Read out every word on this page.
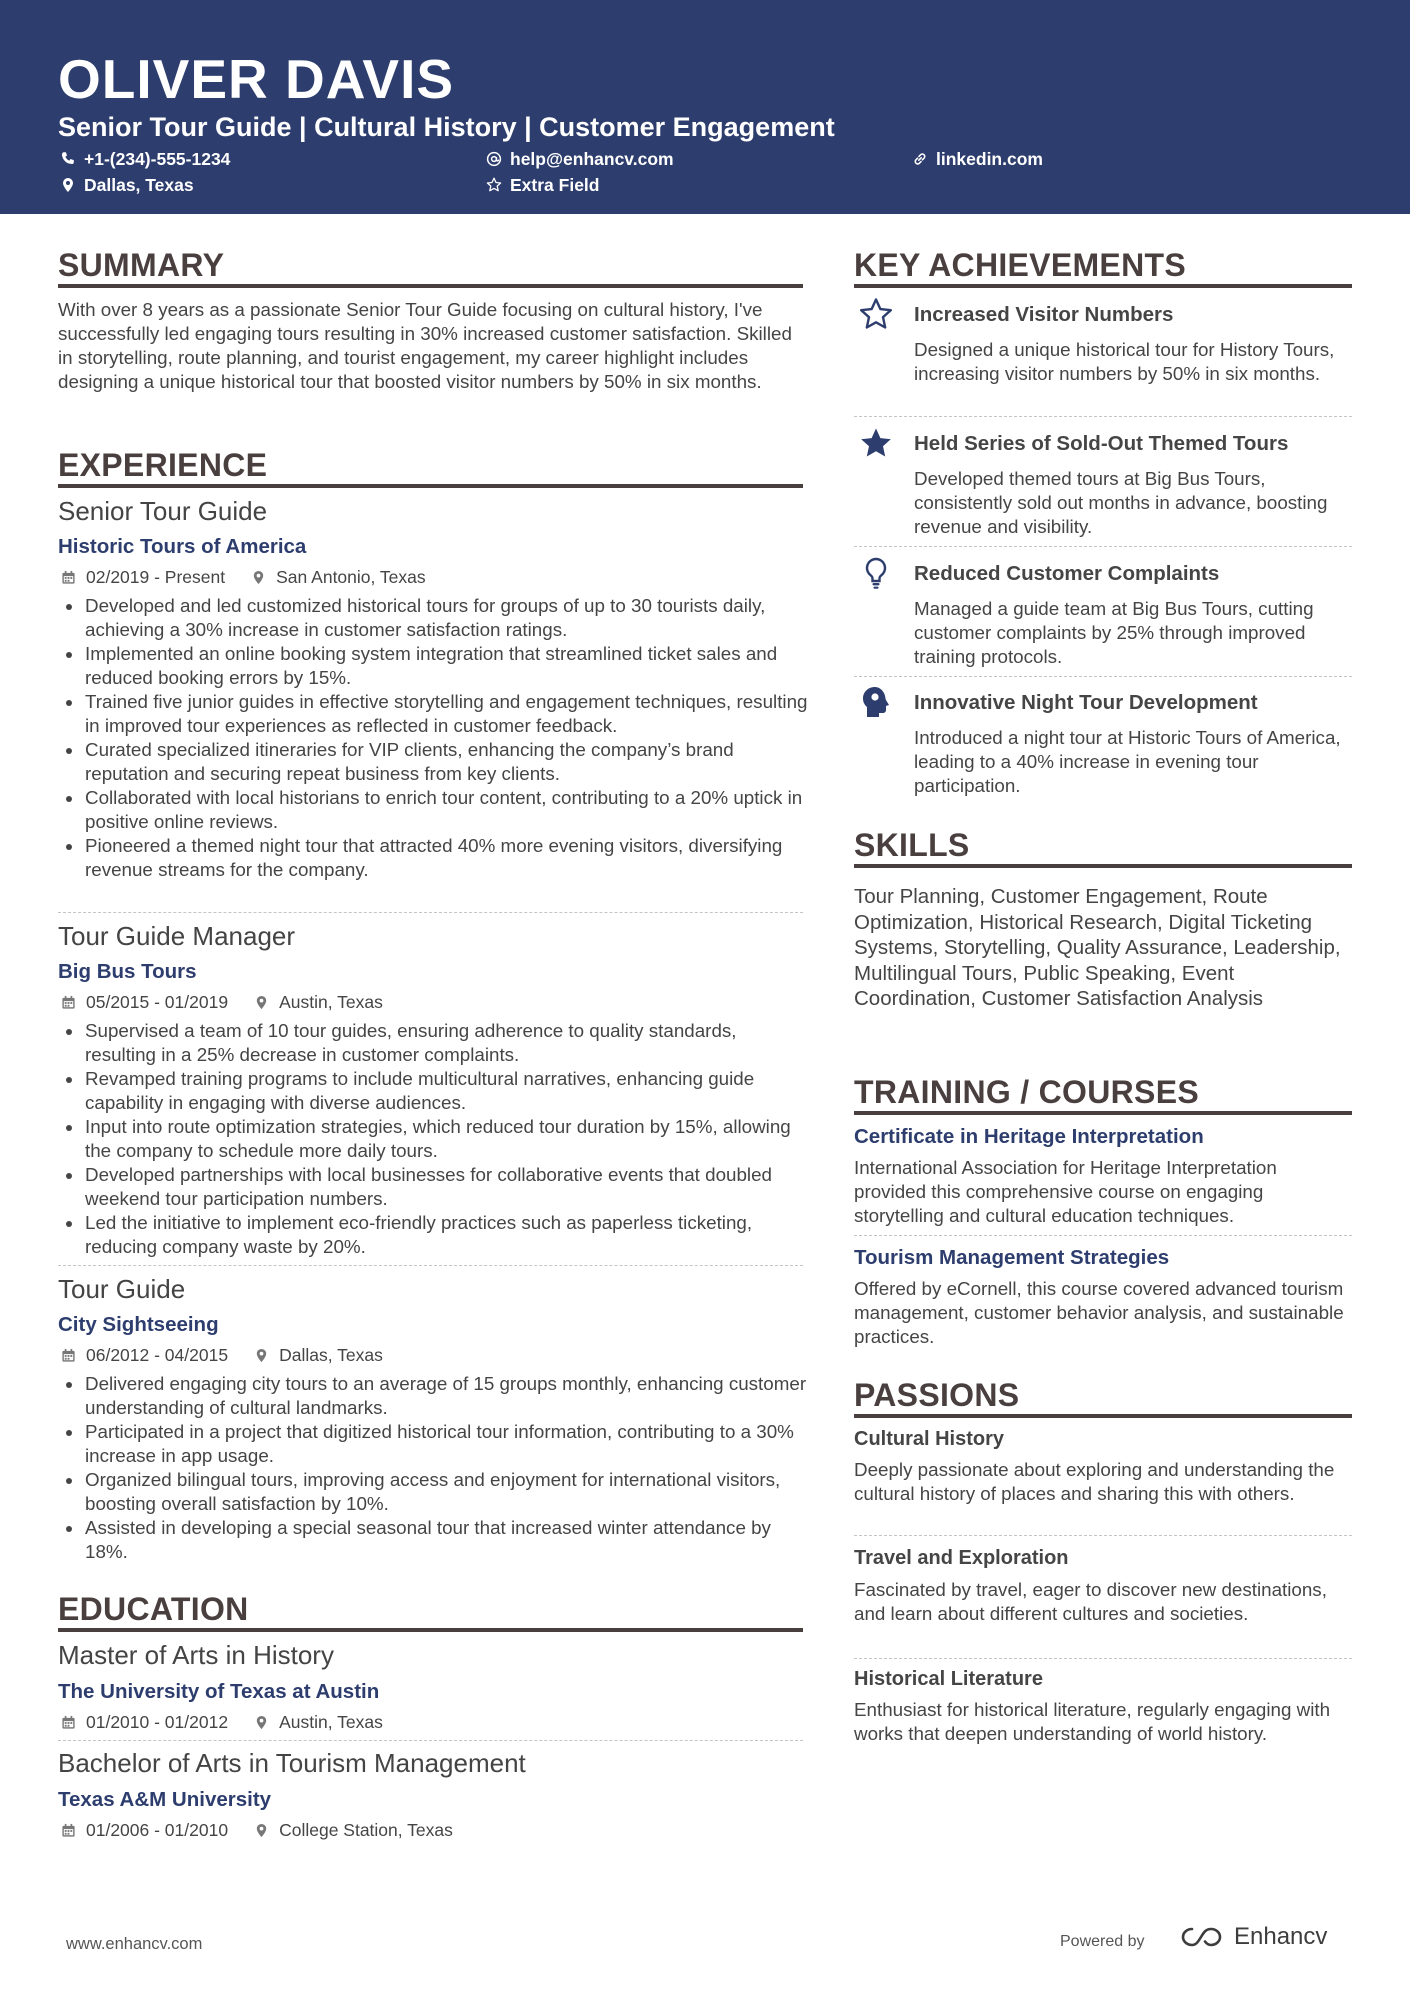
OLIVER DAVIS
Senior Tour Guide | Cultural History | Customer Engagement
+1-(234)-555-1234	help@enhancv.com	linkedin.com
Dallas, Texas	Extra Field
SUMMARY

With over 8 years as a passionate Senior Tour Guide focusing on cultural history, I've successfully led engaging tours resulting in 30% increased customer satisfaction. Skilled in storytelling, route planning, and tourist engagement, my career highlight includes designing a unique historical tour that boosted visitor numbers by 50% in six months.

EXPERIENCE
Senior Tour Guide
Historic Tours of America
02/2019 - Present	San Antonio, Texas
Developed and led customized historical tours for groups of up to 30 tourists daily, achieving a 30% increase in customer satisfaction ratings.
Implemented an online booking system integration that streamlined ticket sales and reduced booking errors by 15%.
Trained five junior guides in effective storytelling and engagement techniques, resulting in improved tour experiences as reflected in customer feedback.
Curated specialized itineraries for VIP clients, enhancing the company’s brand reputation and securing repeat business from key clients.
Collaborated with local historians to enrich tour content, contributing to a 20% uptick in positive online reviews.
Pioneered a themed night tour that attracted 40% more evening visitors, diversifying revenue streams for the company.
Tour Guide Manager
Big Bus Tours
05/2015 - 01/2019	Austin, Texas
Supervised a team of 10 tour guides, ensuring adherence to quality standards, resulting in a 25% decrease in customer complaints.
Revamped training programs to include multicultural narratives, enhancing guide capability in engaging with diverse audiences.
Input into route optimization strategies, which reduced tour duration by 15%, allowing the company to schedule more daily tours.
Developed partnerships with local businesses for collaborative events that doubled weekend tour participation numbers.
Led the initiative to implement eco-friendly practices such as paperless ticketing, reducing company waste by 20%.
Tour Guide
City Sightseeing
06/2012 - 04/2015	Dallas, Texas
Delivered engaging city tours to an average of 15 groups monthly, enhancing customer understanding of cultural landmarks.
Participated in a project that digitized historical tour information, contributing to a 30% increase in app usage.
Organized bilingual tours, improving access and enjoyment for international visitors, boosting overall satisfaction by 10%.
Assisted in developing a special seasonal tour that increased winter attendance by 18%.
EDUCATION
Master of Arts in History
The University of Texas at Austin
01/2010 - 01/2012	Austin, Texas
Bachelor of Arts in Tourism Management
Texas A&M University
01/2006 - 01/2010	College Station, Texas
KEY ACHIEVEMENTS
Increased Visitor Numbers

Designed a unique historical tour for History Tours, increasing visitor numbers by 50% in six months.

Held Series of Sold-Out Themed Tours

Developed themed tours at Big Bus Tours, consistently sold out months in advance, boosting revenue and visibility.

Reduced Customer Complaints

Managed a guide team at Big Bus Tours, cutting customer complaints by 25% through improved training protocols.

Innovative Night Tour Development

Introduced a night tour at Historic Tours of America, leading to a 40% increase in evening tour participation.

SKILLS

Tour Planning, Customer Engagement, Route Optimization, Historical Research, Digital Ticketing Systems, Storytelling, Quality Assurance, Leadership, Multilingual Tours, Public Speaking, Event Coordination, Customer Satisfaction Analysis

TRAINING / COURSES
Certificate in Heritage Interpretation

International Association for Heritage Interpretation provided this comprehensive course on engaging storytelling and cultural education techniques.

Tourism Management Strategies

Offered by eCornell, this course covered advanced tourism management, customer behavior analysis, and sustainable practices.

PASSIONS
Cultural History

Deeply passionate about exploring and understanding the cultural history of places and sharing this with others.

Travel and Exploration

Fascinated by travel, eager to discover new destinations, and learn about different cultures and societies.

Historical Literature

Enthusiast for historical literature, regularly engaging with works that deepen understanding of world history.

www.enhancv.com	Powered by	Enhancv
